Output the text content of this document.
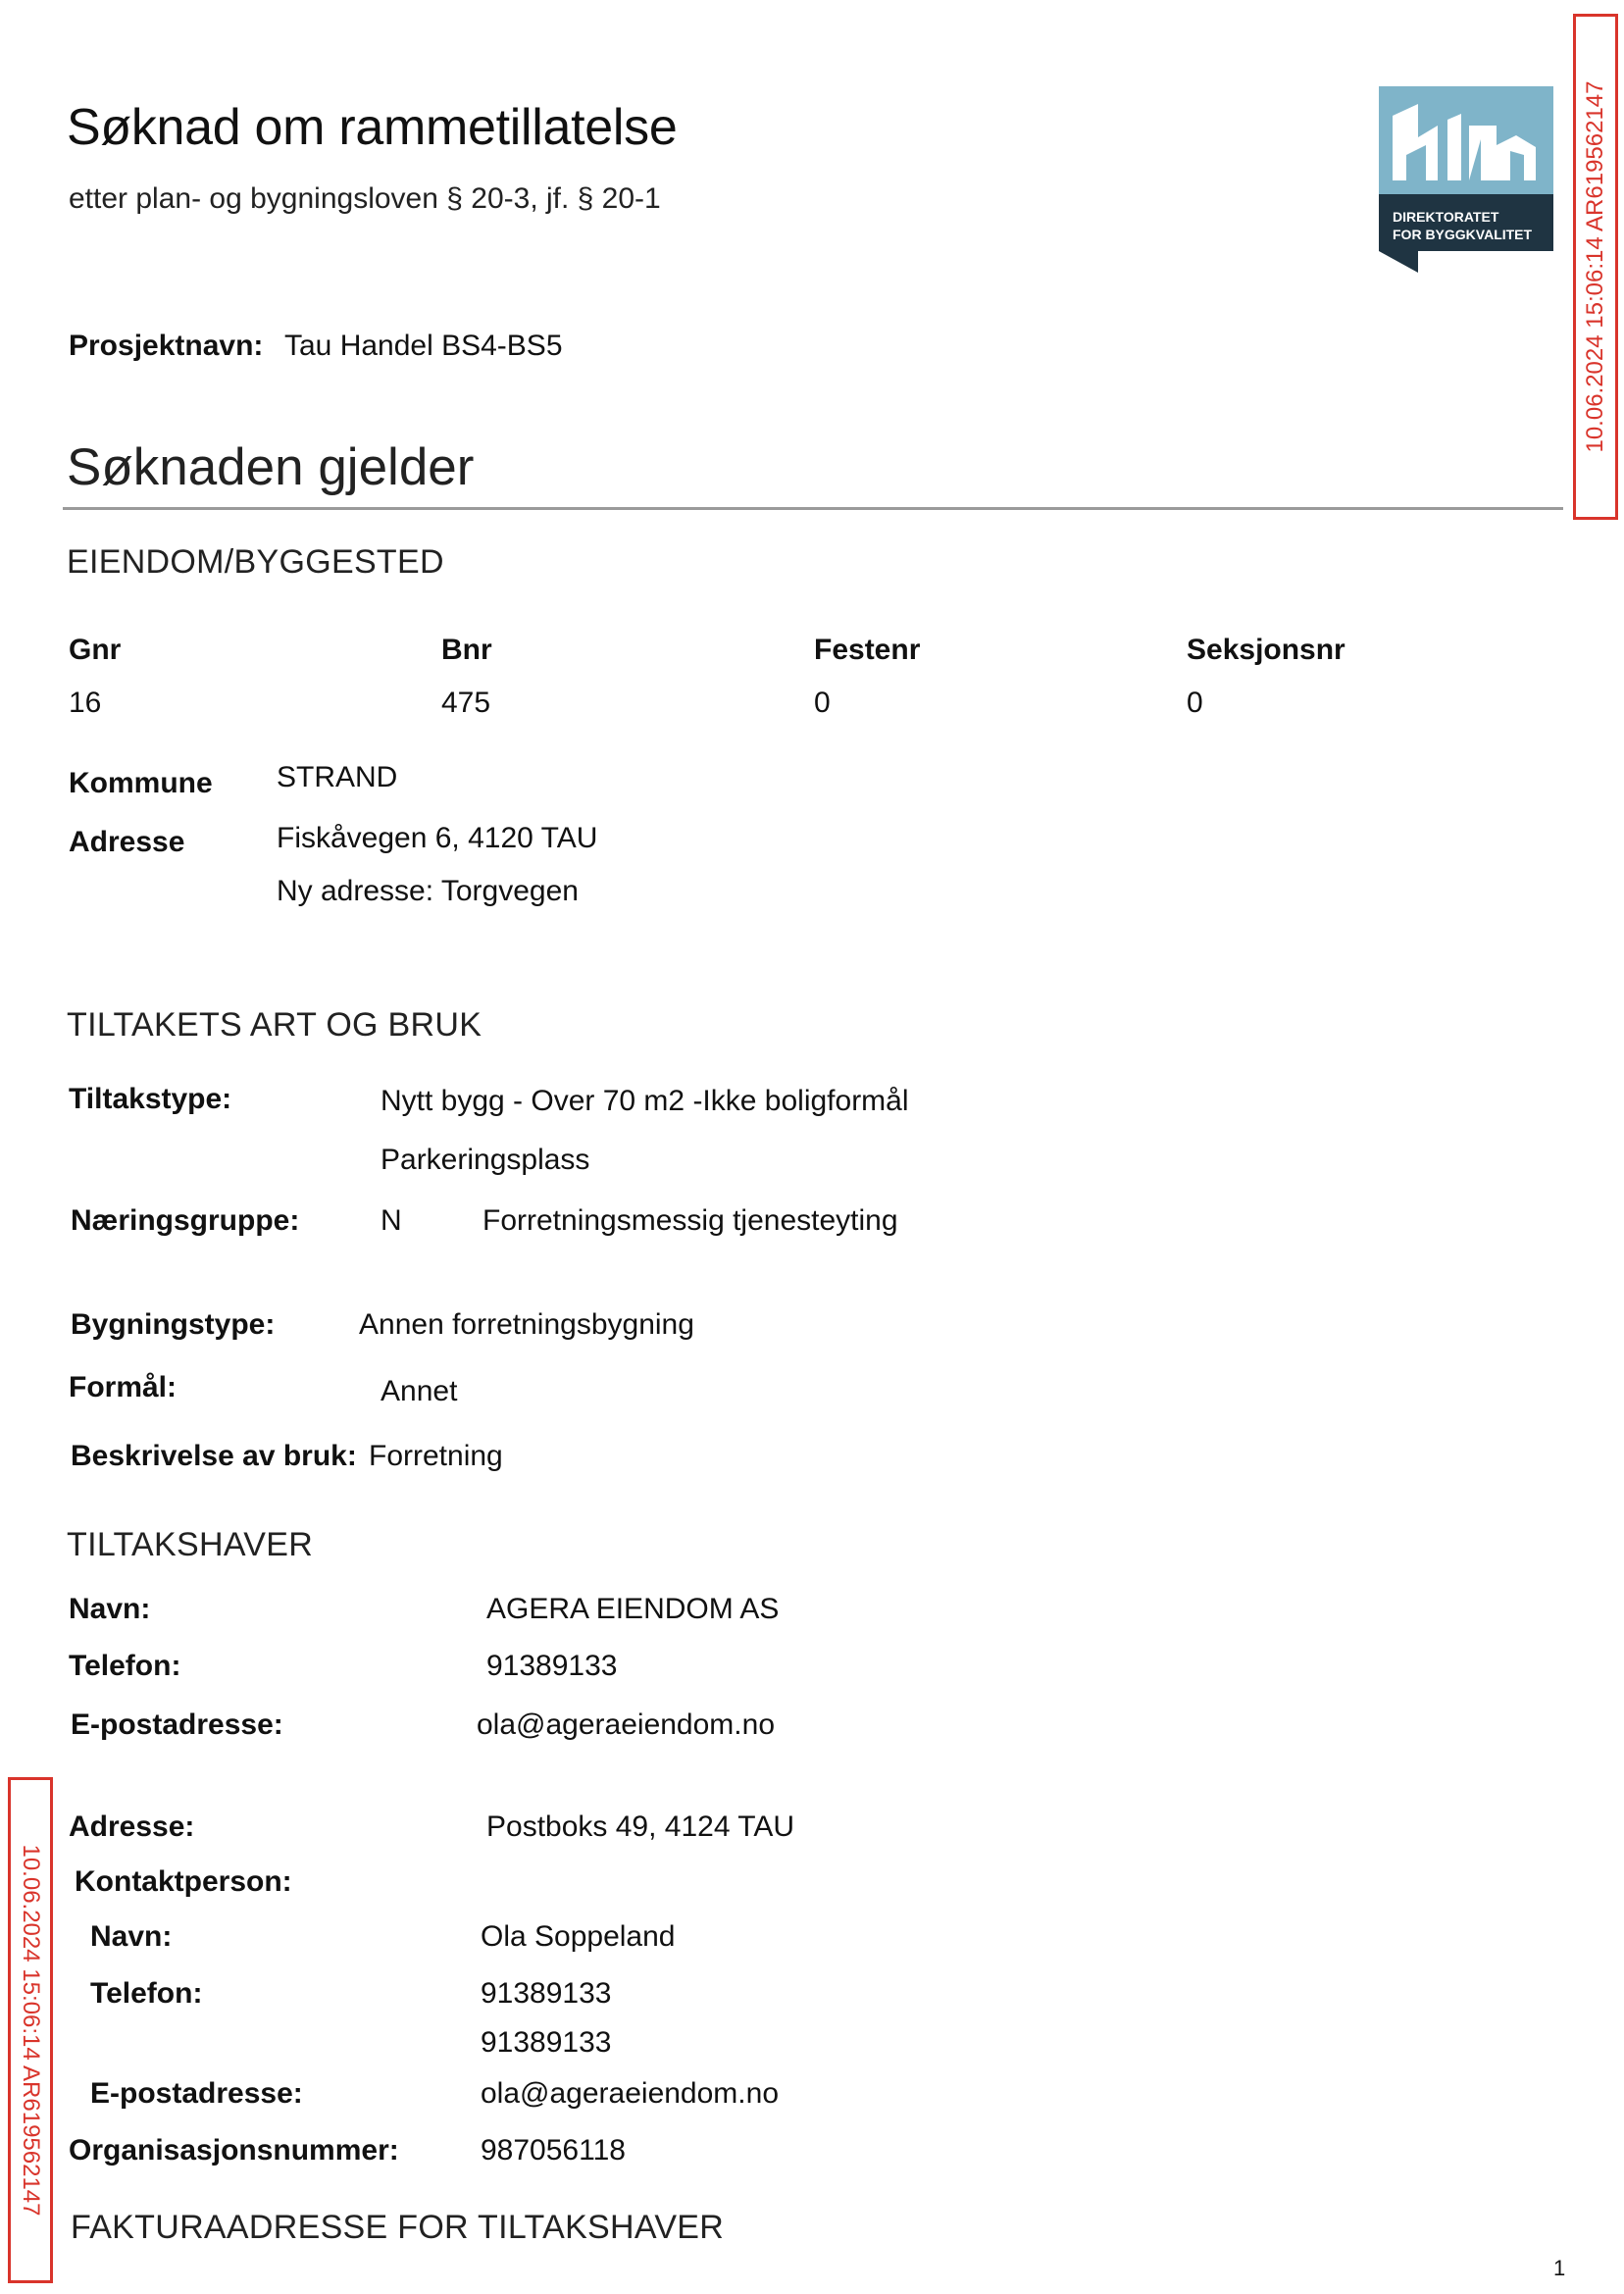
Søknad om rammetillatelse
etter plan- og bygningsloven § 20-3, jf. § 20-1
DIREKTORATET
FOR BYGGKVALITET 10.06.2024 15:06:14 AR619562147
10.06.2024 15:06:14 AR619562147
Prosjektnavn: Tau Handel BS4-BS5
Søknaden gjelder
EIENDOM/BYGGESTED
Gnr	Bnr	Festenr	Seksjonsnr
16	475	0	0
Kommune STRAND
Adresse	Fiskåvegen 6, 4120 TAU
Ny adresse: Torgvegen
TILTAKETS ART OG BRUK
Tiltakstype:	Nytt bygg - Over 70 m2 -Ikke boligformål
Parkeringsplass
Næringsgruppe:	N	Forretningsmessig tjenesteyting
Bygningstype:	Annen forretningsbygning
Formål:	Annet
Beskrivelse av bruk: Forretning
TILTAKSHAVER
Navn:	AGERA EIENDOM AS
Telefon:	91389133
E-postadresse:	ola@ageraeiendom.no
Adresse:	Postboks 49, 4124 TAU
Kontaktperson:
Navn:	Ola Soppeland
Telefon:	91389133
91389133
E-postadresse:	ola@ageraeiendom.no
Organisasjonsnummer:	987056118
FAKTURAADRESSE FOR TILTAKSHAVER
1
